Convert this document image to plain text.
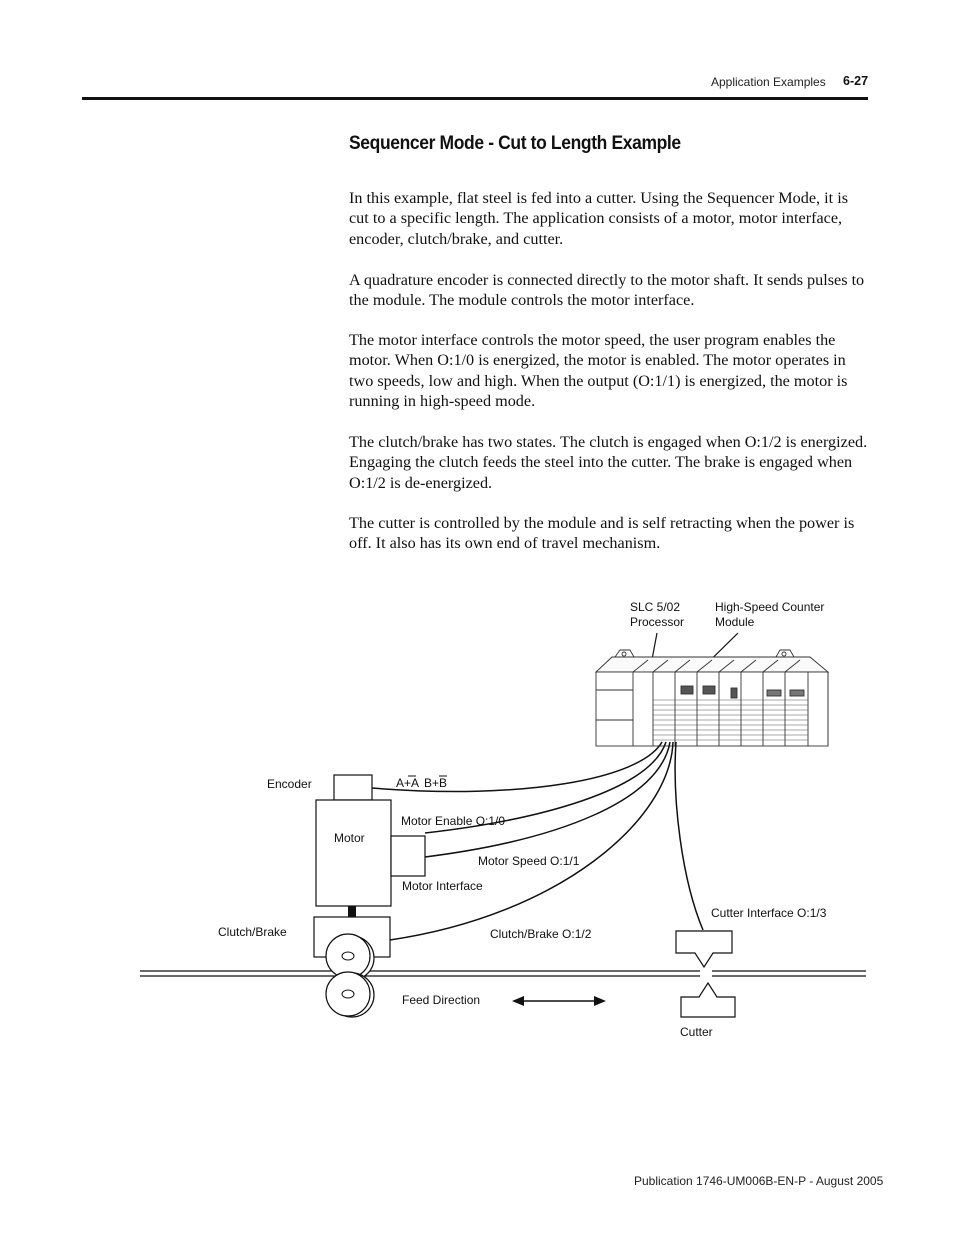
Application Examples 6-27
Sequencer Mode - Cut to Length Example

In this example, flat steel is fed into a cutter. Using the Sequencer Mode, it is cut to a specific length. The application consists of a motor, motor interface, encoder, clutch/brake, and cutter.

A quadrature encoder is connected directly to the motor shaft. It sends pulses to the module. The module controls the motor interface.

The motor interface controls the motor speed, the user program enables the motor. When O:1/0 is energized, the motor is enabled. The motor operates in two speeds, low and high. When the output (O:1/1) is energized, the motor is running in high-speed mode.

The clutch/brake has two states. The clutch is engaged when O:1/2 is energized. Engaging the clutch feeds the steel into the cutter. The brake is engaged when O:1/2 is de-energized.

The cutter is controlled by the module and is self retracting when the power is off. It also has its own end of travel mechanism.

SLC 5/02
Processor
High-Speed Counter
Module
Encoder	A+A B+B
Motor
Motor Enable O:1/0
Motor Speed O:1/1
Motor Interface
Clutch/Brake	Clutch/Brake O:1/2
Feed Direction
Cutter Interface O:1/3
Cutter
Publication 1746-UM006B-EN-P - August 2005
